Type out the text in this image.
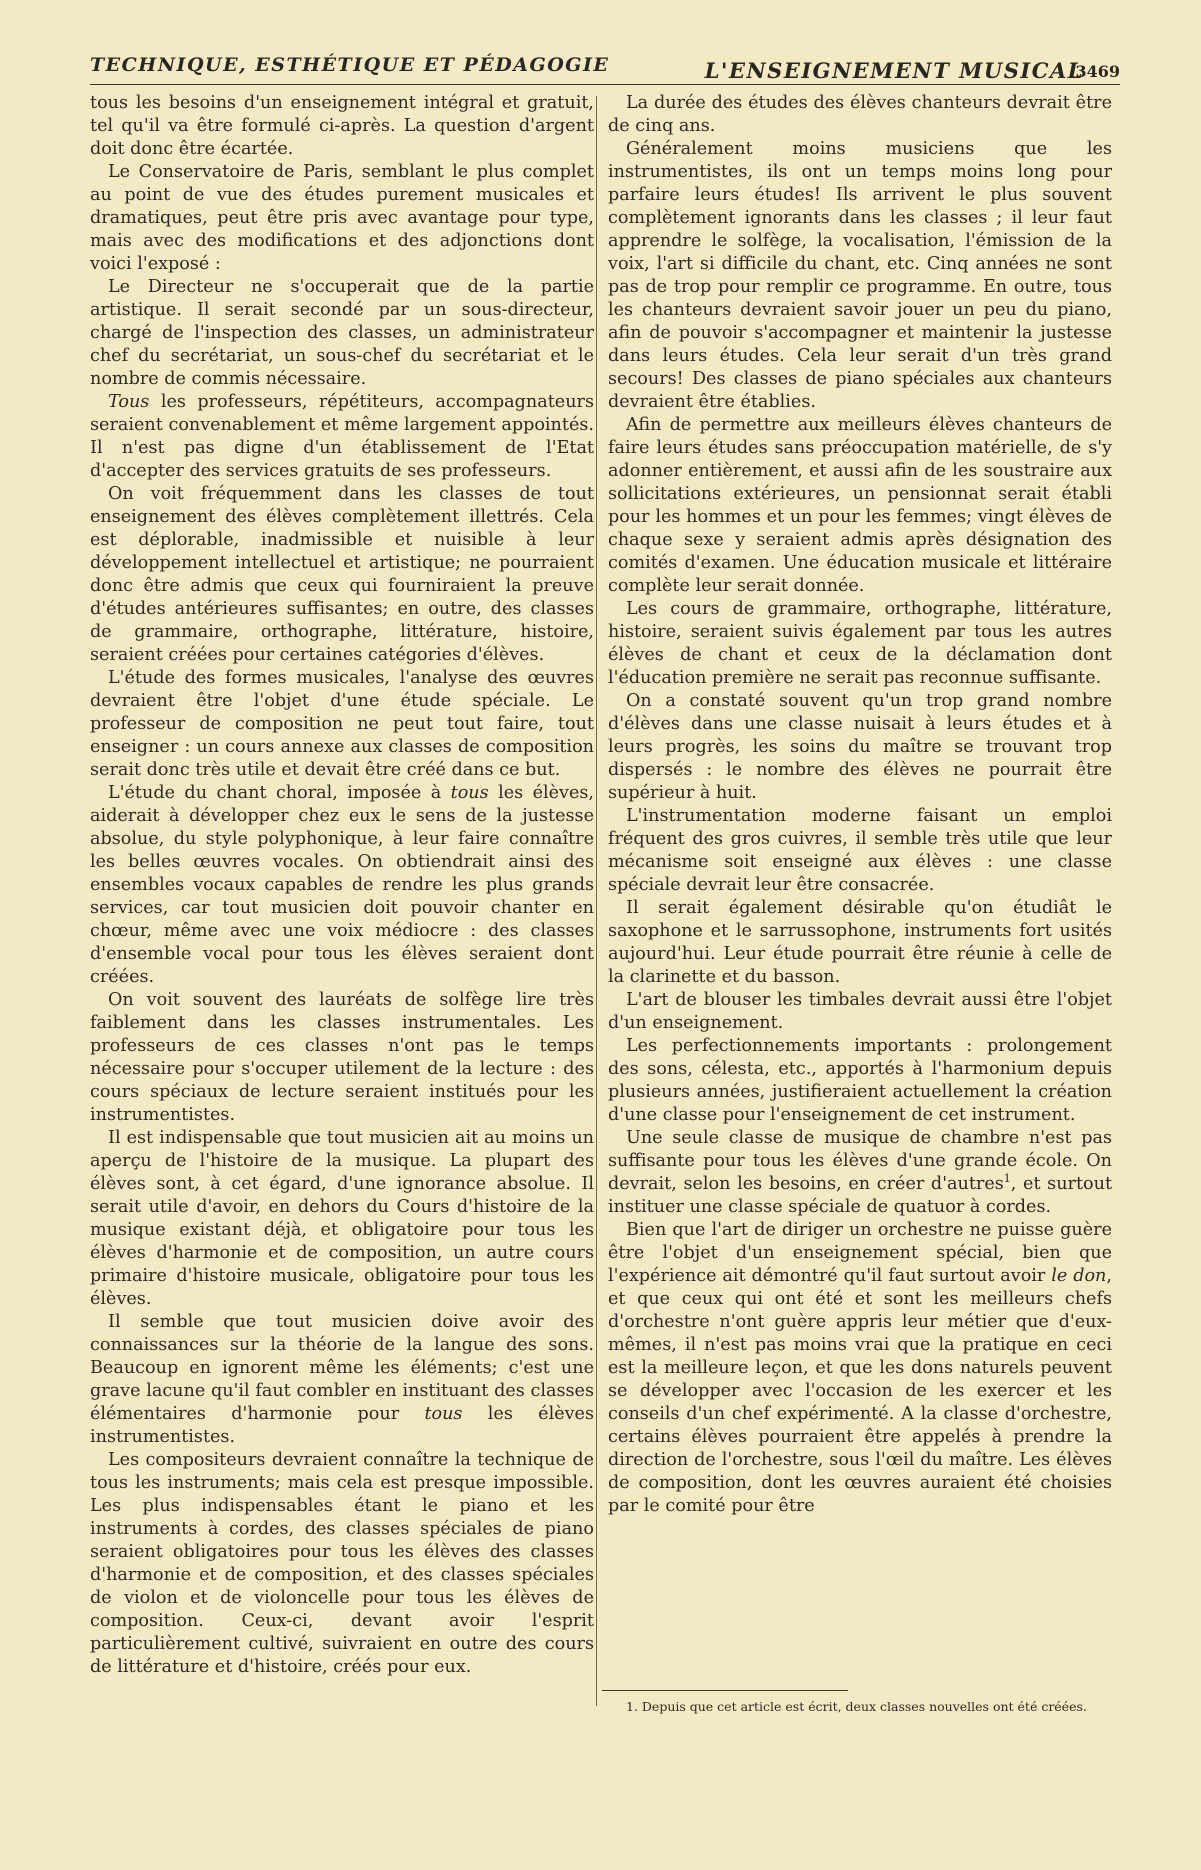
TECHNIQUE, ESTHÉTIQUE ET PÉDAGOGIE	L'ENSEIGNEMENT MUSICAL
3469

tous les besoins d'un enseignement intégral et gratuit, tel qu'il va être formulé ci-après. La question d'argent doit donc être écartée.

Le Conservatoire de Paris, semblant le plus complet au point de vue des études purement musicales et dramatiques, peut être pris avec avantage pour type, mais avec des modifications et des adjonctions dont voici l'exposé :

Le Directeur ne s'occuperait que de la partie artistique. Il serait secondé par un sous-directeur, chargé de l'inspection des classes, un administrateur chef du secrétariat, un sous-chef du secrétariat et le nombre de commis nécessaire.

Tous les professeurs, répétiteurs, accompagnateurs seraient convenablement et même largement appointés. Il n'est pas digne d'un établissement de l'Etat d'accepter des services gratuits de ses professeurs.

On voit fréquemment dans les classes de tout enseignement des élèves complètement illettrés. Cela est déplorable, inadmissible et nuisible à leur développement intellectuel et artistique; ne pourraient donc être admis que ceux qui fourniraient la preuve d'études antérieures suffisantes; en outre, des classes de grammaire, orthographe, littérature, histoire, seraient créées pour certaines catégories d'élèves.

L'étude des formes musicales, l'analyse des œuvres devraient être l'objet d'une étude spéciale. Le professeur de composition ne peut tout faire, tout enseigner : un cours annexe aux classes de composition serait donc très utile et devait être créé dans ce but.

L'étude du chant choral, imposée à tous les élèves, aiderait à développer chez eux le sens de la justesse absolue, du style polyphonique, à leur faire connaître les belles œuvres vocales. On obtiendrait ainsi des ensembles vocaux capables de rendre les plus grands services, car tout musicien doit pouvoir chanter en chœur, même avec une voix médiocre : des classes d'ensemble vocal pour tous les élèves seraient dont créées.

On voit souvent des lauréats de solfège lire très faiblement dans les classes instrumentales. Les professeurs de ces classes n'ont pas le temps nécessaire pour s'occuper utilement de la lecture : des cours spéciaux de lecture seraient institués pour les instrumentistes.

Il est indispensable que tout musicien ait au moins un aperçu de l'histoire de la musique. La plupart des élèves sont, à cet égard, d'une ignorance absolue. Il serait utile d'avoir, en dehors du Cours d'histoire de la musique existant déjà, et obligatoire pour tous les élèves d'harmonie et de composition, un autre cours primaire d'histoire musicale, obligatoire pour tous les élèves.

Il semble que tout musicien doive avoir des connaissances sur la théorie de la langue des sons. Beaucoup en ignorent même les éléments; c'est une grave lacune qu'il faut combler en instituant des classes élémentaires d'harmonie pour tous les élèves instrumentistes.

Les compositeurs devraient connaître la technique de tous les instruments; mais cela est presque impossible. Les plus indispensables étant le piano et les instruments à cordes, des classes spéciales de piano seraient obligatoires pour tous les élèves des classes d'harmonie et de composition, et des classes spéciales de violon et de violoncelle pour tous les élèves de composition. Ceux-ci, devant avoir l'esprit particulièrement cultivé, suivraient en outre des cours de littérature et d'histoire, créés pour eux.

La durée des études des élèves chanteurs devrait être de cinq ans.

Généralement moins musiciens que les instrumentistes, ils ont un temps moins long pour parfaire leurs études! Ils arrivent le plus souvent complètement ignorants dans les classes ; il leur faut apprendre le solfège, la vocalisation, l'émission de la voix, l'art si difficile du chant, etc. Cinq années ne sont pas de trop pour remplir ce programme. En outre, tous les chanteurs devraient savoir jouer un peu du piano, afin de pouvoir s'accompagner et maintenir la justesse dans leurs études. Cela leur serait d'un très grand secours! Des classes de piano spéciales aux chanteurs devraient être établies.

Afin de permettre aux meilleurs élèves chanteurs de faire leurs études sans préoccupation matérielle, de s'y adonner entièrement, et aussi afin de les soustraire aux sollicitations extérieures, un pensionnat serait établi pour les hommes et un pour les femmes; vingt élèves de chaque sexe y seraient admis après désignation des comités d'examen. Une éducation musicale et littéraire complète leur serait donnée.

Les cours de grammaire, orthographe, littérature, histoire, seraient suivis également par tous les autres élèves de chant et ceux de la déclamation dont l'éducation première ne serait pas reconnue suffisante.

On a constaté souvent qu'un trop grand nombre d'élèves dans une classe nuisait à leurs études et à leurs progrès, les soins du maître se trouvant trop dispersés : le nombre des élèves ne pourrait être supérieur à huit.

L'instrumentation moderne faisant un emploi fréquent des gros cuivres, il semble très utile que leur mécanisme soit enseigné aux élèves : une classe spéciale devrait leur être consacrée.

Il serait également désirable qu'on étudiât le saxophone et le sarrussophone, instruments fort usités aujourd'hui. Leur étude pourrait être réunie à celle de la clarinette et du basson.

L'art de blouser les timbales devrait aussi être l'objet d'un enseignement.

Les perfectionnements importants : prolongement des sons, célesta, etc., apportés à l'harmonium depuis plusieurs années, justifieraient actuellement la création d'une classe pour l'enseignement de cet instrument.

Une seule classe de musique de chambre n'est pas suffisante pour tous les élèves d'une grande école. On devrait, selon les besoins, en créer d'autres$^1$, et surtout instituer une classe spéciale de quatuor à cordes.

Bien que l'art de diriger un orchestre ne puisse guère être l'objet d'un enseignement spécial, bien que l'expérience ait démontré qu'il faut surtout avoir le don, et que ceux qui ont été et sont les meilleurs chefs d'orchestre n'ont guère appris leur métier que d'eux-mêmes, il n'est pas moins vrai que la pratique en ceci est la meilleure leçon, et que les dons naturels peuvent se développer avec l'occasion de les exercer et les conseils d'un chef expérimenté. A la classe d'orchestre, certains élèves pourraient être appelés à prendre la direction de l'orchestre, sous l'œil du maître. Les élèves de composition, dont les œuvres auraient été choisies par le comité pour être

1. Depuis que cet article est écrit, deux classes nouvelles ont été créées.
